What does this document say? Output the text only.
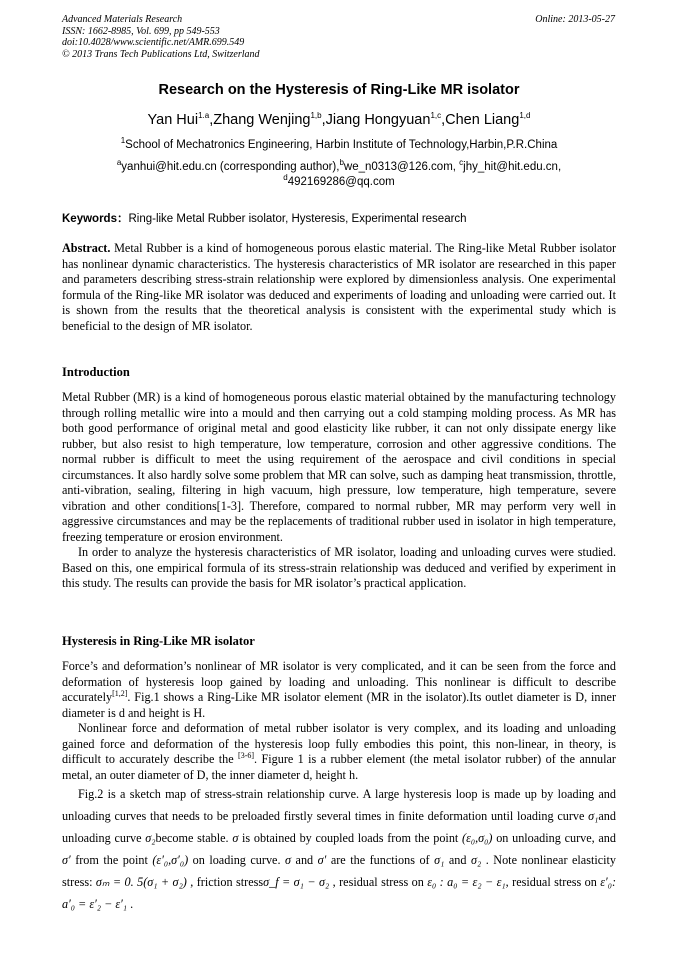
Advanced Materials Research
ISSN: 1662-8985, Vol. 699, pp 549-553
doi:10.4028/www.scientific.net/AMR.699.549
© 2013 Trans Tech Publications Ltd, Switzerland
Online: 2013-05-27
Research on the Hysteresis of Ring-Like MR isolator
Yan Hui$^{1.a}$,Zhang Wenjing$^{1,b}$,Jiang Hongyuan$^{1,c}$,Chen Liang$^{1,d}$
$^1$School of Mechatronics Engineering, Harbin Institute of Technology,Harbin,P.R.China
$^a$yanhui@hit.edu.cn (corresponding author),$^b$we_n0313@126.com, $^c$jhy_hit@hit.edu.cn,
$^d$492169286@qq.com
Keywords：Ring-like Metal Rubber isolator, Hysteresis, Experimental research

Abstract. Metal Rubber is a kind of homogeneous porous elastic material. The Ring-like Metal Rubber isolator has nonlinear dynamic characteristics. The hysteresis characteristics of MR isolator are researched in this paper and parameters describing stress-strain relationship were explored by dimensionless analysis. One experimental formula of the Ring-like MR isolator was deduced and experiments of loading and unloading were carried out. It is shown from the results that the theoretical analysis is consistent with the experimental study which is beneficial to the design of MR isolator.

Introduction

Metal Rubber (MR) is a kind of homogeneous porous elastic material obtained by the manufacturing technology through rolling metallic wire into a mould and then carrying out a cold stamping molding process. As MR has both good performance of original metal and good elasticity like rubber, it can not only dissipate energy like rubber, but also resist to high temperature, low temperature, corrosion and other aggressive conditions. The normal rubber is difficult to meet the using requirement of the aerospace and civil conditions in special circumstances. It also hardly solve some problem that MR can solve, such as damping heat transmission, throttle, anti-vibration, sealing, filtering in high vacuum, high pressure, low temperature, high temperature, severe vibration and other conditions[1-3]. Therefore, compared to normal rubber, MR may perform very well in aggressive circumstances and may be the replacements of traditional rubber used in isolator in high temperature, freezing temperature or erosion environment.

In order to analyze the hysteresis characteristics of MR isolator, loading and unloading curves were studied. Based on this, one empirical formula of its stress-strain relationship was deduced and verified by experiment in this study. The results can provide the basis for MR isolator’s practical application.

Hysteresis in Ring-Like MR isolator

Force’s and deformation’s nonlinear of MR isolator is very complicated, and it can be seen from the force and deformation of hysteresis loop gained by loading and unloading. This nonlinear is difficult to describe accurately[1,2]. Fig.1 shows a Ring-Like MR isolator element (MR in the isolator).Its outlet diameter is D, inner diameter is d and height is H.

Nonlinear force and deformation of metal rubber isolator is very complex, and its loading and unloading gained force and deformation of the hysteresis loop fully embodies this point, this non-linear, in theory, is difficult to accurately describe the [3-6]. Figure 1 is a rubber element (the metal isolator rubber) of the annular metal, an outer diameter of D, the inner diameter d, height h.

Fig.2 is a sketch map of stress-strain relationship curve. A large hysteresis loop is made up by loading and unloading curves that needs to be preloaded firstly several times in finite deformation until loading curve σ₁and unloading curve σ₂become stable. σ is obtained by coupled loads from the point (ε₀,σ₀) on unloading curve, and σ′ from the point (ε′₀,σ′₀) on loading curve. σ and σ′ are the functions of σ₁ and σ₂ . Note nonlinear elasticity stress: σₘ = 0. 5(σ₁ + σ₂) , friction stressσ_f = σ₁ − σ₂ , residual stress on ε₀ : a₀ = ε₂ − ε₁, residual stress on ε′₀: a′₀ = ε′₂ − ε′₁ .
